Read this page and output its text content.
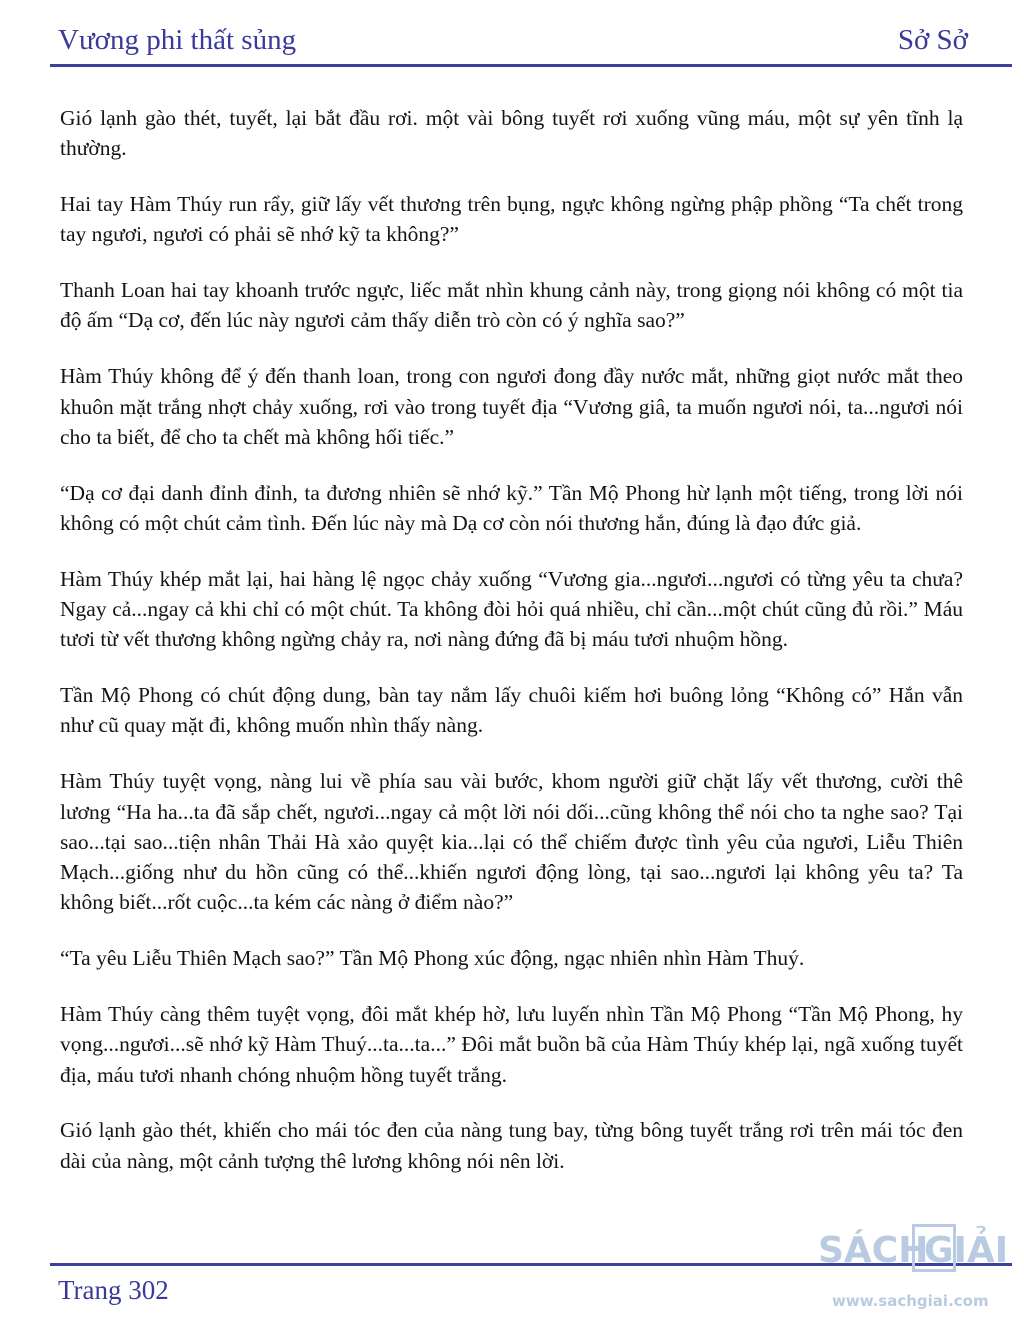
Vương phi thất sủng	Sở Sở

Gió lạnh gào thét, tuyết, lại bắt đầu rơi. một vài bông tuyết rơi xuống vũng máu, một sự yên tĩnh lạ thường.

Hai tay Hàm Thúy run rẩy, giữ lấy vết thương trên bụng, ngực không ngừng phập phồng “Ta chết trong tay ngươi, ngươi có phải sẽ nhớ kỹ ta không?”

Thanh Loan hai tay khoanh trước ngực, liếc mắt nhìn khung cảnh này, trong giọng nói không có một tia độ ấm “Dạ cơ, đến lúc này ngươi cảm thấy diễn trò còn có ý nghĩa sao?”

Hàm Thúy không để ý đến thanh loan, trong con ngươi đong đầy nước mắt, những giọt nước mắt theo khuôn mặt trắng nhợt chảy xuống, rơi vào trong tuyết địa “Vương giâ, ta muốn ngươi nói, ta...ngươi nói cho ta biết, để cho ta chết mà không hối tiếc.”

“Dạ cơ đại danh đỉnh đỉnh, ta đương nhiên sẽ nhớ kỹ.” Tần Mộ Phong hừ lạnh một tiếng, trong lời nói không có một chút cảm tình. Đến lúc này mà Dạ cơ còn nói thương hắn, đúng là đạo đức giả.

Hàm Thúy khép mắt lại, hai hàng lệ ngọc chảy xuống “Vương gia...ngươi...ngươi có từng yêu ta chưa? Ngay cả...ngay cả khi chỉ có một chút. Ta không đòi hỏi quá nhiều, chỉ cần...một chút cũng đủ rồi.” Máu tươi từ vết thương không ngừng chảy ra, nơi nàng đứng đã bị máu tươi nhuộm hồng.

Tần Mộ Phong có chút động dung, bàn tay nắm lấy chuôi kiếm hơi buông lỏng “Không có” Hắn vẫn như cũ quay mặt đi, không muốn nhìn thấy nàng.

Hàm Thúy tuyệt vọng, nàng lui về phía sau vài bước, khom người giữ chặt lấy vết thương, cười thê lương “Ha ha...ta đã sắp chết, ngươi...ngay cả một lời nói dối...cũng không thể nói cho ta nghe sao? Tại sao...tại sao...tiện nhân Thải Hà xảo quyệt kia...lại có thể chiếm được tình yêu của ngươi, Liễu Thiên Mạch...giống như du hồn cũng có thể...khiến ngươi động lòng, tại sao...ngươi lại không yêu ta? Ta không biết...rốt cuộc...ta kém các nàng ở điểm nào?”

“Ta yêu Liễu Thiên Mạch sao?” Tần Mộ Phong xúc động, ngạc nhiên nhìn Hàm Thuý.

Hàm Thúy càng thêm tuyệt vọng, đôi mắt khép hờ, lưu luyến nhìn Tần Mộ Phong “Tần Mộ Phong, hy vọng...ngươi...sẽ nhớ kỹ Hàm Thuý...ta...ta...” Đôi mắt buồn bã của Hàm Thúy khép lại, ngã xuống tuyết địa, máu tươi nhanh chóng nhuộm hồng tuyết trắng.

Gió lạnh gào thét, khiến cho mái tóc đen của nàng tung bay, từng bông tuyết trắng rơi trên mái tóc đen dài của nàng, một cảnh tượng thê lương không nói nên lời.

Trang 302
SÁCH
GIẢI
www.sachgiai.com
